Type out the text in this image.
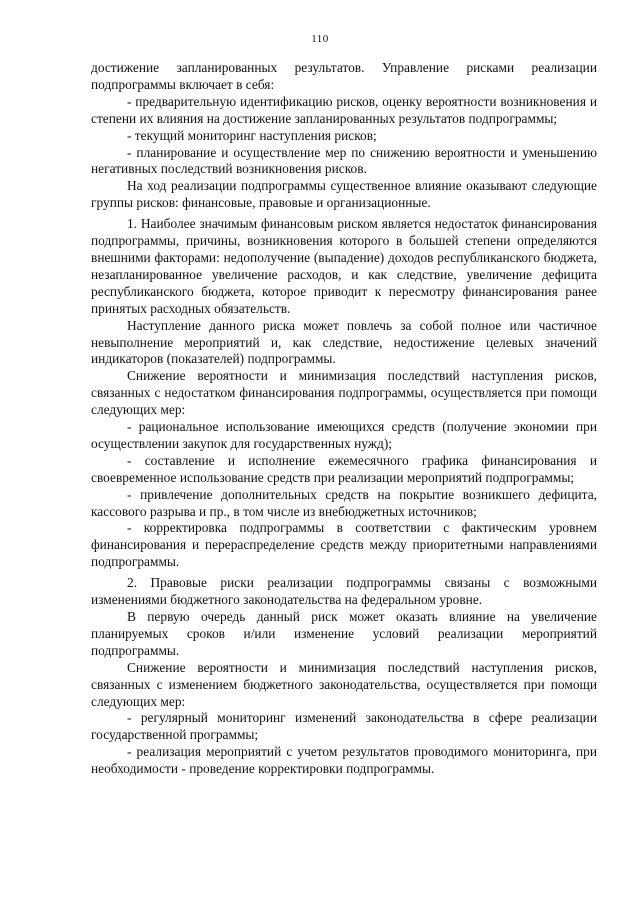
110

достижение запланированных результатов. Управление рисками реализации подпрограммы включает в себя:

- предварительную идентификацию рисков, оценку вероятности возникновения и степени их влияния на достижение запланированных результатов подпрограммы;

- текущий мониторинг наступления рисков;

- планирование и осуществление мер по снижению вероятности и уменьшению негативных последствий возникновения рисков.

На ход реализации подпрограммы существенное влияние оказывают следующие группы рисков: финансовые, правовые и организационные.

1. Наиболее значимым финансовым риском является недостаток финансирования подпрограммы, причины, возникновения которого в большей степени определяются внешними факторами: недополучение (выпадение) доходов республиканского бюджета, незапланированное увеличение расходов, и как следствие, увеличение дефицита республиканского бюджета, которое приводит к пересмотру финансирования ранее принятых расходных обязательств.

Наступление данного риска может повлечь за собой полное или частичное невыполнение мероприятий и, как следствие, недостижение целевых значений индикаторов (показателей) подпрограммы.

Снижение вероятности и минимизация последствий наступления рисков, связанных с недостатком финансирования подпрограммы, осуществляется при помощи следующих мер:

- рациональное использование имеющихся средств (получение экономии при осуществлении закупок для государственных нужд);

- составление и исполнение ежемесячного графика финансирования и своевременное использование средств при реализации мероприятий подпрограммы;

- привлечение дополнительных средств на покрытие возникшего дефицита, кассового разрыва и пр., в том числе из внебюджетных источников;

- корректировка подпрограммы в соответствии с фактическим уровнем финансирования и перераспределение средств между приоритетными направлениями подпрограммы.

2. Правовые риски реализации подпрограммы связаны с возможными изменениями бюджетного законодательства на федеральном уровне.

В первую очередь данный риск может оказать влияние на увеличение планируемых сроков и/или изменение условий реализации мероприятий подпрограммы.

Снижение вероятности и минимизация последствий наступления рисков, связанных с изменением бюджетного законодательства, осуществляется при помощи следующих мер:

- регулярный мониторинг изменений законодательства в сфере реализации государственной программы;

- реализация мероприятий с учетом результатов проводимого мониторинга, при необходимости - проведение корректировки подпрограммы.
